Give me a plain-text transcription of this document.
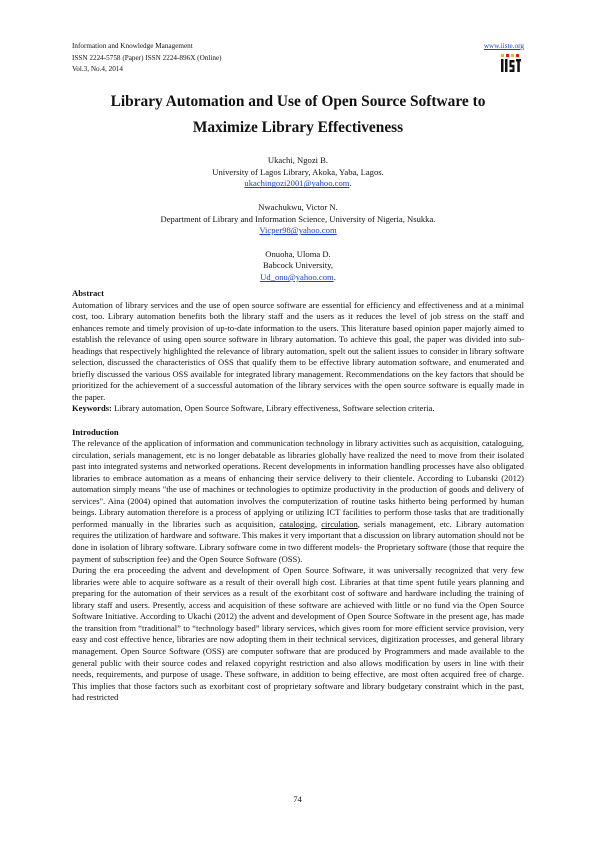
Information and Knowledge Management
ISSN 2224-5758 (Paper) ISSN 2224-896X (Online)
Vol.3, No.4, 2014
www.iiste.org
Library Automation and Use of Open Source Software to
Maximize Library Effectiveness
Ukachi, Ngozi B.
University of Lagos Library, Akoka, Yaba, Lagos.
ukachingozi2001@yahoo.com.
Nwachukwu, Victor N.
Department of Library and Information Science, University of Nigeria, Nsukka.
Vicper98@yahoo.com
Onuoha, Uloma D.
Babcock University,
Ud_onu@yahoo.com.
Abstract

Automation of library services and the use of open source software are essential for efficiency and effectiveness and at a minimal cost, too. Library automation benefits both the library staff and the users as it reduces the level of job stress on the staff and enhances remote and timely provision of up-to-date information to the users. This literature based opinion paper majorly aimed to establish the relevance of using open source software in library automation. To achieve this goal, the paper was divided into sub-headings that respectively highlighted the relevance of library automation, spelt out the salient issues to consider in library software selection, discussed the characteristics of OSS that qualify them to be effective library automation software, and enumerated and briefly discussed the various OSS available for integrated library management. Recommendations on the key factors that should be prioritized for the achievement of a successful automation of the library services with the open source software is equally made in the paper.

Keywords: Library automation, Open Source Software, Library effectiveness, Software selection criteria.

Introduction

The relevance of the application of information and communication technology in library activities such as acquisition, cataloguing, circulation, serials management, etc is no longer debatable as libraries globally have realized the need to move from their isolated past into integrated systems and networked operations. Recent developments in information handling processes have also obligated libraries to embrace automation as a means of enhancing their service delivery to their clientele. According to Lubanski (2012) automation simply means "the use of machines or technologies to optimize productivity in the production of goods and delivery of services". Aina (2004) opined that automation involves the computerization of routine tasks hitherto being performed by human beings. Library automation therefore is a process of applying or utilizing ICT facilities to perform those tasks that are traditionally performed manually in the libraries such as acquisition, cataloging, circulation, serials management, etc. Library automation requires the utilization of hardware and software. This makes it very important that a discussion on library automation should not be done in isolation of library software. Library software come in two different models- the Proprietary software (those that require the payment of subscription fee) and the Open Source Software (OSS).

During the era proceeding the advent and development of Open Source Software, it was universally recognized that very few libraries were able to acquire software as a result of their overall high cost. Libraries at that time spent futile years planning and preparing for the automation of their services as a result of the exorbitant cost of software and hardware including the training of library staff and users. Presently, access and acquisition of these software are achieved with little or no fund via the Open Source Software Initiative. According to Ukachi (2012) the advent and development of Open Source Software in the present age, has made the transition from “traditional” to “technology based” library services, which gives room for more efficient service provision, very easy and cost effective hence, libraries are now adopting them in their technical services, digitization processes, and general library management. Open Source Software (OSS) are computer software that are produced by Programmers and made available to the general public with their source codes and relaxed copyright restriction and also allows modification by users in line with their needs, requirements, and purpose of usage. These software, in addition to being effective, are most often acquired free of charge. This implies that those factors such as exorbitant cost of proprietary software and library budgetary constraint which in the past, had restricted

74
